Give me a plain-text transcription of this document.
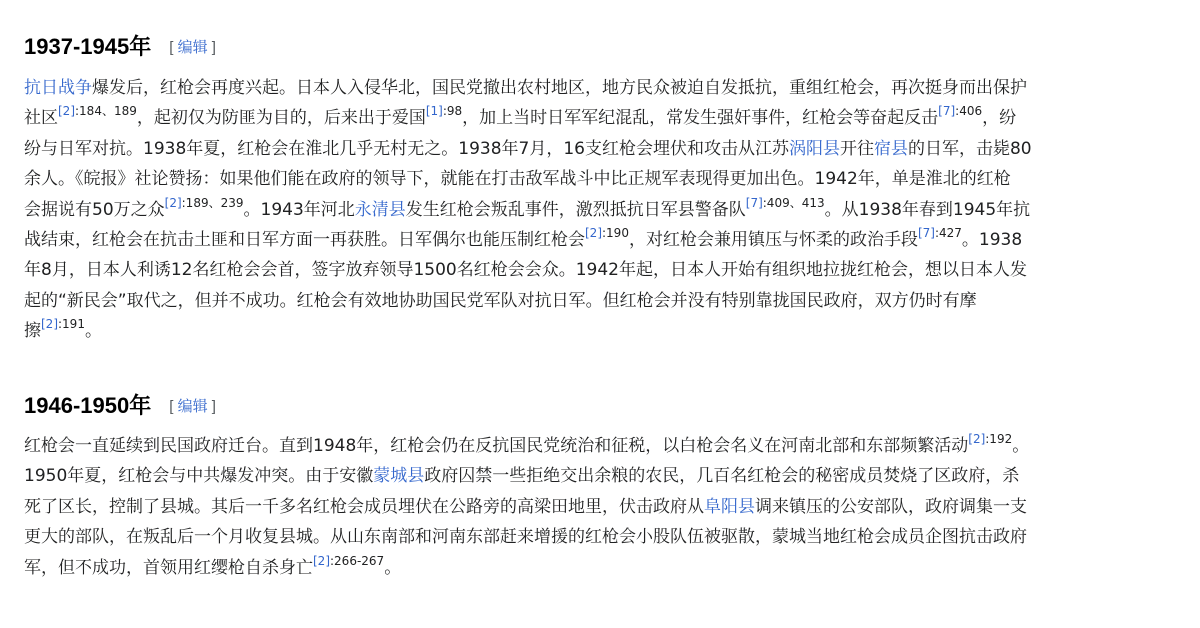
1937-1945年 [ 编辑 ]
抗日战争爆发后，红枪会再度兴起。日本人入侵华北，国民党撤出农村地区，地方民众被迫自发抵抗，重组红枪会，再次挺身而出保护
社区$^{[2]:184、189}$，起初仅为防匪为目的，后来出于爱国$^{[1]:98}$，加上当时日军军纪混乱，常发生强奸事件，红枪会等奋起反击$^{[7]:406}$，纷
纷与日军对抗。1938年夏，红枪会在淮北几乎无村无之。1938年7月，16支红枪会埋伏和攻击从江苏涡阳县开往宿县的日军，击毙80
余人。《皖报》社论赞扬：如果他们能在政府的领导下，就能在打击敌军战斗中比正规军表现得更加出色。1942年，单是淮北的红枪
会据说有50万之众$^{[2]:189、239}$。1943年河北永清县发生红枪会叛乱事件，激烈抵抗日军县警备队$^{[7]:409、413}$。从1938年春到1945年抗
战结束，红枪会在抗击土匪和日军方面一再获胜。日军偶尔也能压制红枪会$^{[2]:190}$，对红枪会兼用镇压与怀柔的政治手段$^{[7]:427}$。1938
年8月，日本人利诱12名红枪会会首，签字放弃领导1500名红枪会会众。1942年起，日本人开始有组织地拉拢红枪会，想以日本人发
起的“新民会”取代之，但并不成功。红枪会有效地协助国民党军队对抗日军。但红枪会并没有特别靠拢国民政府，双方仍时有摩
擦$^{[2]:191}$。
1946-1950年 [ 编辑 ]
红枪会一直延续到民国政府迁台。直到1948年，红枪会仍在反抗国民党统治和征税，以白枪会名义在河南北部和东部频繁活动$^{[2]:192}$。
1950年夏，红枪会与中共爆发冲突。由于安徽蒙城县政府囚禁一些拒绝交出余粮的农民，几百名红枪会的秘密成员焚烧了区政府，杀
死了区长，控制了县城。其后一千多名红枪会成员埋伏在公路旁的高梁田地里，伏击政府从阜阳县调来镇压的公安部队，政府调集一支
更大的部队，在叛乱后一个月收复县城。从山东南部和河南东部赶来增援的红枪会小股队伍被驱散，蒙城当地红枪会成员企图抗击政府
军，但不成功，首领用红缨枪自杀身亡$^{[2]:266-267}$。
